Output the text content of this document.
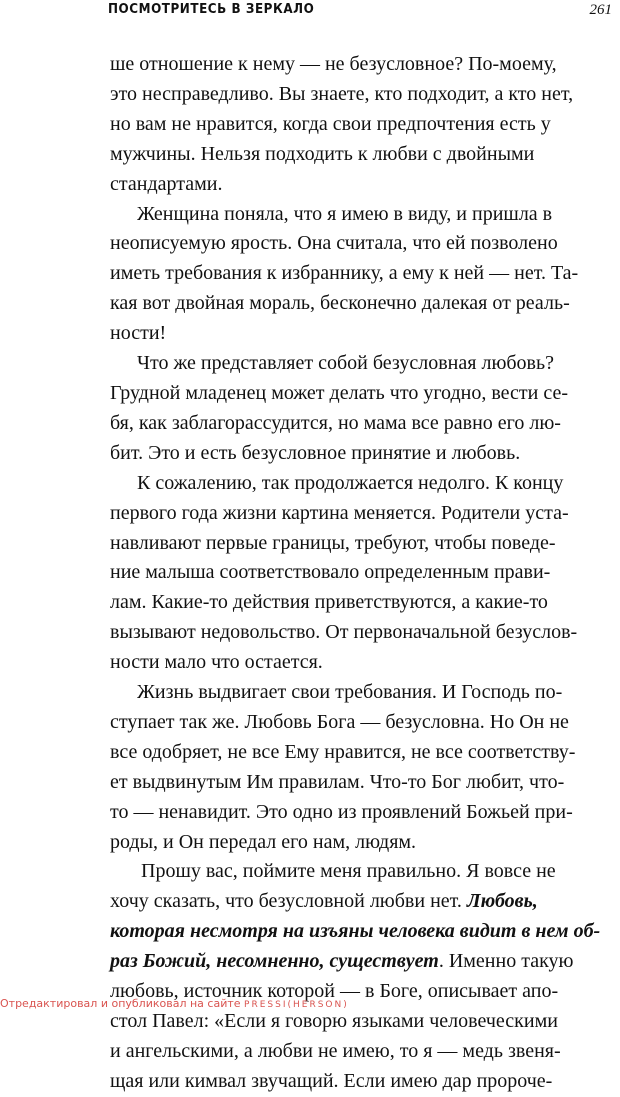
ПОСМОТРИТЕСЬ В ЗЕРКАЛО	261

ше отношение к нему — не безусловное? По-моему,
это несправедливо. Вы знаете, кто подходит, а кто нет,
но вам не нравится, когда свои предпочтения есть у
мужчины. Нельзя подходить к любви с двойными
стандартами.

Женщина поняла, что я имею в виду, и пришла в
неописуемую ярость. Она считала, что ей позволено
иметь требования к избраннику, а ему к ней — нет. Та-
кая вот двойная мораль, бесконечно далекая от реаль-
ности!

Что же представляет собой безусловная любовь?
Грудной младенец может делать что угодно, вести се-
бя, как заблагорассудится, но мама все равно его лю-
бит. Это и есть безусловное принятие и любовь.

К сожалению, так продолжается недолго. К концу
первого года жизни картина меняется. Родители уста-
навливают первые границы, требуют, чтобы поведе-
ние малыша соответствовало определенным прави-
лам. Какие-то действия приветствуются, а какие-то
вызывают недовольство. От первоначальной безуслов-
ности мало что остается.

Жизнь выдвигает свои требования. И Господь по-
ступает так же. Любовь Бога — безусловна. Но Он не
все одобряет, не все Ему нравится, не все соответству-
ет выдвинутым Им правилам. Что-то Бог любит, что-
то — ненавидит. Это одно из проявлений Божьей при-
роды, и Он передал его нам, людям.

Прошу вас, поймите меня правильно. Я вовсе не
хочу сказать, что безусловной любви нет. Любовь,
которая несмотря на изъяны человека видит в нем об-
раз Божий, несомненно, существует. Именно такую
любовь, источник которой — в Боге, описывает апо-
стол Павел: «Если я говорю языками человеческими
и ангельскими, а любви не имею, то я — медь звеня-
щая или кимвал звучащий. Если имею дар пророче-

Отредактировал и опубликовал на сайте PRESSI(HERSON)
